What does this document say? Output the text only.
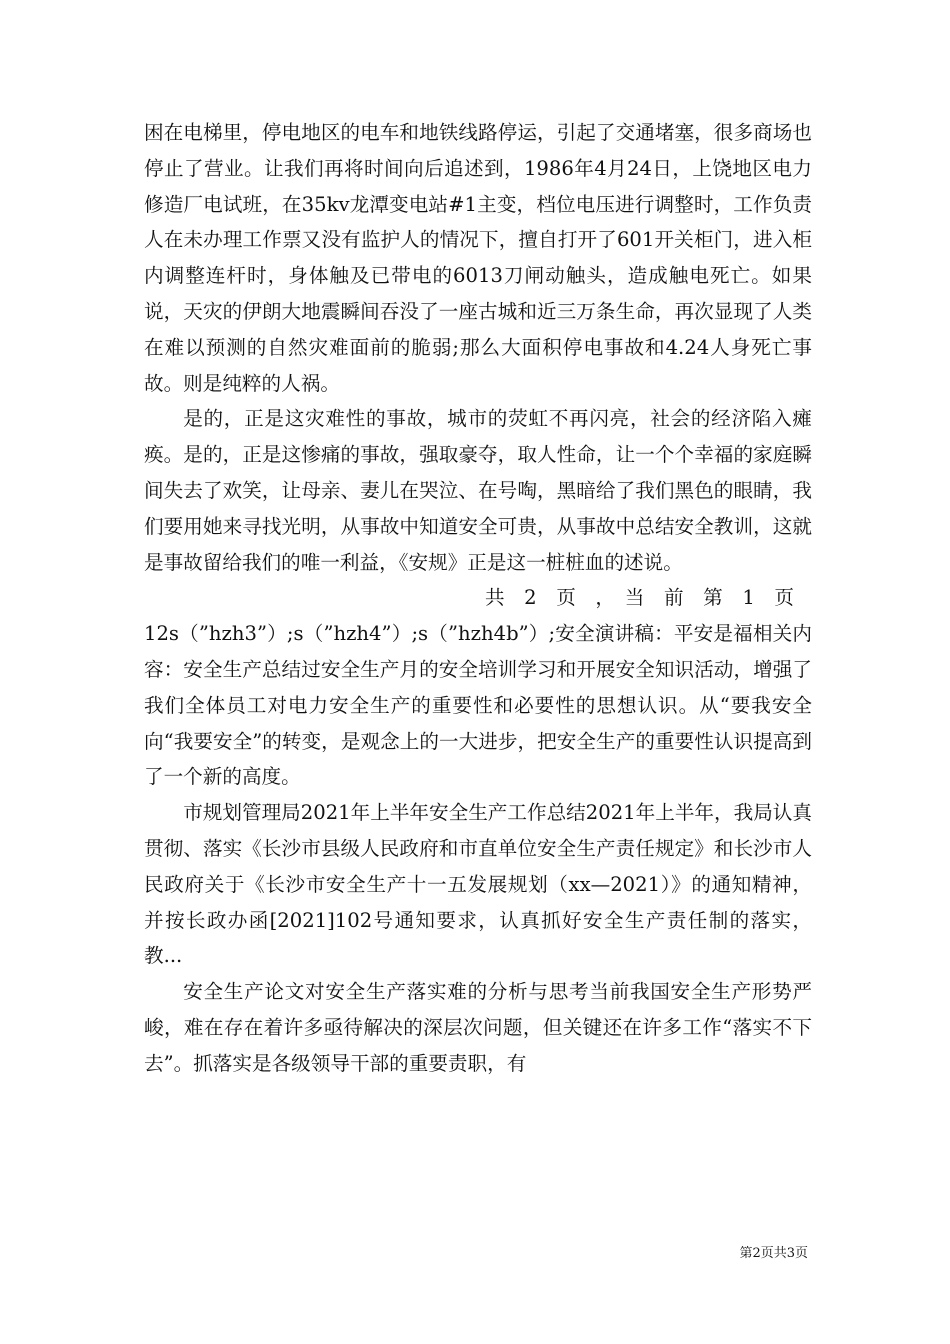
困在电梯里，停电地区的电车和地铁线路停运，引起了交通堵塞，很多商场也停止了营业。让我们再将时间向后追述到，1986年4月24日，上饶地区电力修造厂电试班，在35kv龙潭变电站#1主变，档位电压进行调整时，工作负责人在未办理工作票又没有监护人的情况下，擅自打开了601开关柜门，进入柜内调整连杆时，身体触及已带电的6013刀闸动触头，造成触电死亡。如果说，天灾的伊朗大地震瞬间吞没了一座古城和近三万条生命，再次显现了人类在难以预测的自然灾难面前的脆弱;那么大面积停电事故和4.24人身死亡事故。则是纯粹的人祸。

是的，正是这灾难性的事故，城市的荧虹不再闪亮，社会的经济陷入瘫痪。是的，正是这惨痛的事故，强取豪夺，取人性命，让一个个幸福的家庭瞬间失去了欢笑，让母亲、妻儿在哭泣、在号啕，黑暗给了我们黑色的眼睛，我们要用她来寻找光明，从事故中知道安全可贵，从事故中总结安全教训，这就是事故留给我们的唯一利益，《安规》正是这一桩桩血的述说。

共　2　页　，　当　前　第　1　页

12s（”hzh3”）;s（”hzh4”）;s（”hzh4b”）;安全演讲稿：平安是福相关内容：安全生产总结过安全生产月的安全培训学习和开展安全知识活动，增强了我们全体员工对电力安全生产的重要性和必要性的思想认识。从“要我安全向“我要安全”的转变，是观念上的一大进步，把安全生产的重要性认识提高到了一个新的高度。

市规划管理局2021年上半年安全生产工作总结2021年上半年，我局认真贯彻、落实《长沙市县级人民政府和市直单位安全生产责任规定》和长沙市人民政府关于《长沙市安全生产十一五发展规划（xx—2021）》的通知精神，并按长政办函[2021]102号通知要求，认真抓好安全生产责任制的落实，教...

安全生产论文对安全生产落实难的分析与思考当前我国安全生产形势严峻，难在存在着许多亟待解决的深层次问题，但关键还在许多工作“落实不下去”。抓落实是各级领导干部的重要责职，有

第2页共3页
